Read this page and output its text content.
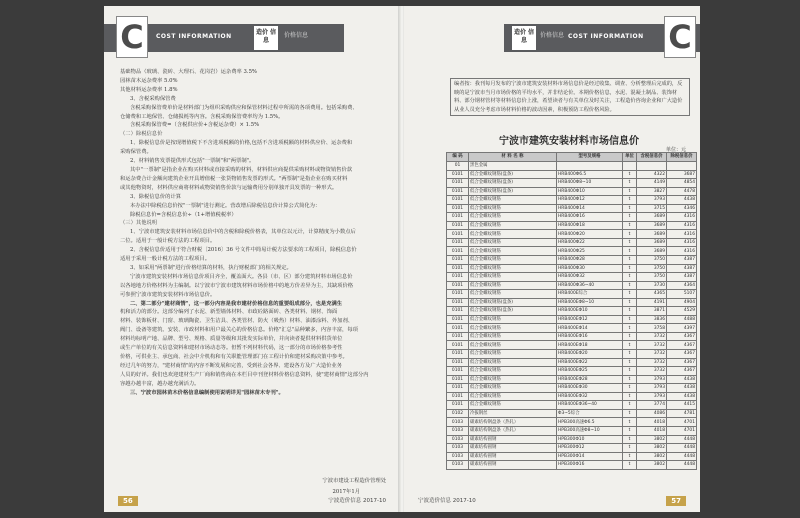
COST INFORMATION
造价 信息
价格信息
C

基础物品（玻璃、瓷砖、大理石、花岗岩）运杂费率 3.5%

园林苗木运杂费率 5.0%

其他材料运杂费率 1.8%

3、含税采购保管费

含税采购保管费单价是材料部门为组织采购供应和保管材料过程中所需的各项费用。包括采购费、

仓储费和工地保管、仓储损耗等内容。含税采购保管费率均为 1.5%。

含税采购保管费=（含税供应价+含税运杂费）× 1.5%

（二）除税信息价

1、除税信息价是按现增值税下不含进项税额的价格,包括不含进项税额的材料供应价、运杂费和

采购保管费。

2、材料销售发票提供形式包括"一票制"和"两票制"。

其中"一票制"是指企业在购买材料或直接采购的材料，材料供应商提供采购材料或物资销售价款

和运杂费合计金额向建筑企业开具增值税一张货物销售发票的形式。"两票制"是指企业在购买材料

或其他物资时，材料供应商将材料或物资销售价款与运输费用分别单独开具发票的一种形式。

3、除税信息价的计算

本办法中除税信息价按"一票制"进行测定。营改增后除税信息价计算公式简化为：

除税信息价=含税信息价÷（1+增值税税率）

（三）其他说明

1、宁波市建筑安装材料市场信息价中的含税和除税价格表，其单位以元计，计算精度为小数点后

二位。适用于一般计税方法的工程项目。

2、含税信息价适用于符合财税〔2016〕36 号文件中简易计税方法要求的工程项目，除税信息价

适用于采用一般计税方法的工程项目。

3、如采用"两票制"进行价格结算的材料，执行财税部门的相关规定。

宁波市建筑安装材料市场信息价项目齐全，覆盖面大。各县（市、区）部分建筑材料市场信息价

以各地地方价格材料为主编制。以宁波市宁波市建筑材料市场价格中的地方价差异为主，其缺项价格

可参照宁波市建筑安装材料市场信息价。

二、第二部分"建材商情"，这一部分内容是我市建材价格信息的重要组成部分，也是充满生

机和活力的部分。这部分编列了水泥、新型墙体材料、市政砼路面砖、各类材料、钢材、饰面

材料、装饰板材、门窗、玻璃陶瓷、卫生洁具、各类管材、防火（吸热）材料、油漆涂料、外加剂、

阀门、设备等建筑、安装、市政材料和用户最关心的价格信息。价格"汇总"品种繁多，内容丰富，每项

材料均标明产地、品牌、型号、规格、质量等级和其批发实际单价，并向读者提供材料供货单位

或生产单位的有关信息资料和建材市场动态等。但暂不列材料代码，这一部分的市场价格参考性

价格，可供业主、承包商、社会中介机构和有关职能管理部门在工程计价和建材采购决策中参考。

经过几年的努力，"建材商情"的内容不断发展和完善，受到社会各界、建设各方及广大造价业务

人员的好评。我们也欢迎建材生产厂商和销售商在本栏目中刊登材料价格信息资料，使"建材商情"这部分内

容越办越丰富，越办越充满活力。

三、宁波市园林苗木价格信息编制使用说明详见"园林苗木专刊"。

宁波市建设工程造价管理处
2017年1月
56	宁波造价信息 2017-10
造价 信息
价格信息 COST INFORMATION C
编者按：我刊每月发布的宁波市建筑安装材料市场信息价是经过收集、调查、分析整理后完成的，反映的是宁波市当月市场价格的平均水平，并非结论价。本期价格信息，水泥、混凝土制品、装饰材料、部分钢材管材等材料信息价上涨，希望读者与有关单位及时关注，工程造价咨询企业和广大造价从业人员充分考虑市场材料价格的波动因素，积极预防工程价格风险。
宁波市建筑安装材料市场信息价
单位：元
编 码	材 料 名 称	型号及规格	单位	含税信息价	除税信息价
01	黑色金属				
0101	低合金螺纹钢筋(盘条)	HRB400Φ6.5	t	4322	3687
0101	低合金螺纹钢筋(盘条)	HRB400Φ8~10	t	4149	4854
0101	低合金螺纹钢筋(盘条)	HRB400Φ10	t	3827	4478
0101	低合金螺纹钢筋	HRB400Φ12	t	3793	4438
0101	低合金螺纹钢筋	HRB400Φ14	t	3715	4346
0101	低合金螺纹钢筋	HRB400Φ16	t	3689	4316
0101	低合金螺纹钢筋	HRB400Φ18	t	3689	4316
0101	低合金螺纹钢筋	HRB400Φ20	t	3689	4316
0101	低合金螺纹钢筋	HRB400Φ22	t	3689	4316
0101	低合金螺纹钢筋	HRB400Φ25	t	3689	4316
0101	低合金螺纹钢筋	HRB400Φ28	t	3750	4387
0101	低合金螺纹钢筋	HRB400Φ30	t	3750	4387
0101	低合金螺纹钢筋	HRB400Φ32	t	3750	4387
0101	低合金螺纹钢筋	HRB400Φ36~40	t	3730	4364
0101	低合金螺纹钢筋	HRB400E综合	t	4365	5107
0101	低合金螺纹钢筋(盘条)	HRB400EΦ8~10	t	4191	4904
0101	低合金螺纹钢筋(盘条)	HRB400EΦ10	t	3871	4529
0101	低合金螺纹钢筋	HRB400EΦ12	t	3836	4488
0101	低合金螺纹钢筋	HRB400EΦ14	t	3758	4397
0101	低合金螺纹钢筋	HRB400EΦ16	t	3732	4367
0101	低合金螺纹钢筋	HRB400EΦ18	t	3732	4367
0101	低合金螺纹钢筋	HRB400EΦ20	t	3732	4367
0101	低合金螺纹钢筋	HRB400EΦ22	t	3732	4367
0101	低合金螺纹钢筋	HRB400EΦ25	t	3732	4367
0101	低合金螺纹钢筋	HRB400EΦ28	t	3793	4438
0101	低合金螺纹钢筋	HRB400EΦ30	t	3793	4438
0101	低合金螺纹钢筋	HRB400EΦ32	t	3793	4438
0101	低合金螺纹钢筋	HRB400EΦ36~40	t	3774	4415
0102	冷拔钢丝	Φ3~5综合	t	4086	4781
0103	碳素结构钢盘条（热轧）	HPB300高速Φ6.5	t	4018	4701
0103	碳素结构钢盘条（热轧）	HPB300高速Φ8~10	t	4018	4701
0103	碳素结构圆钢	HPB300Φ10	t	3802	4448
0103	碳素结构圆钢	HPB300Φ12	t	3802	4448
0103	碳素结构圆钢	HPB300Φ14	t	3802	4448
0103	碳素结构圆钢	HPB300Φ16	t	3802	4448
宁波造价信息 2017-10	57
